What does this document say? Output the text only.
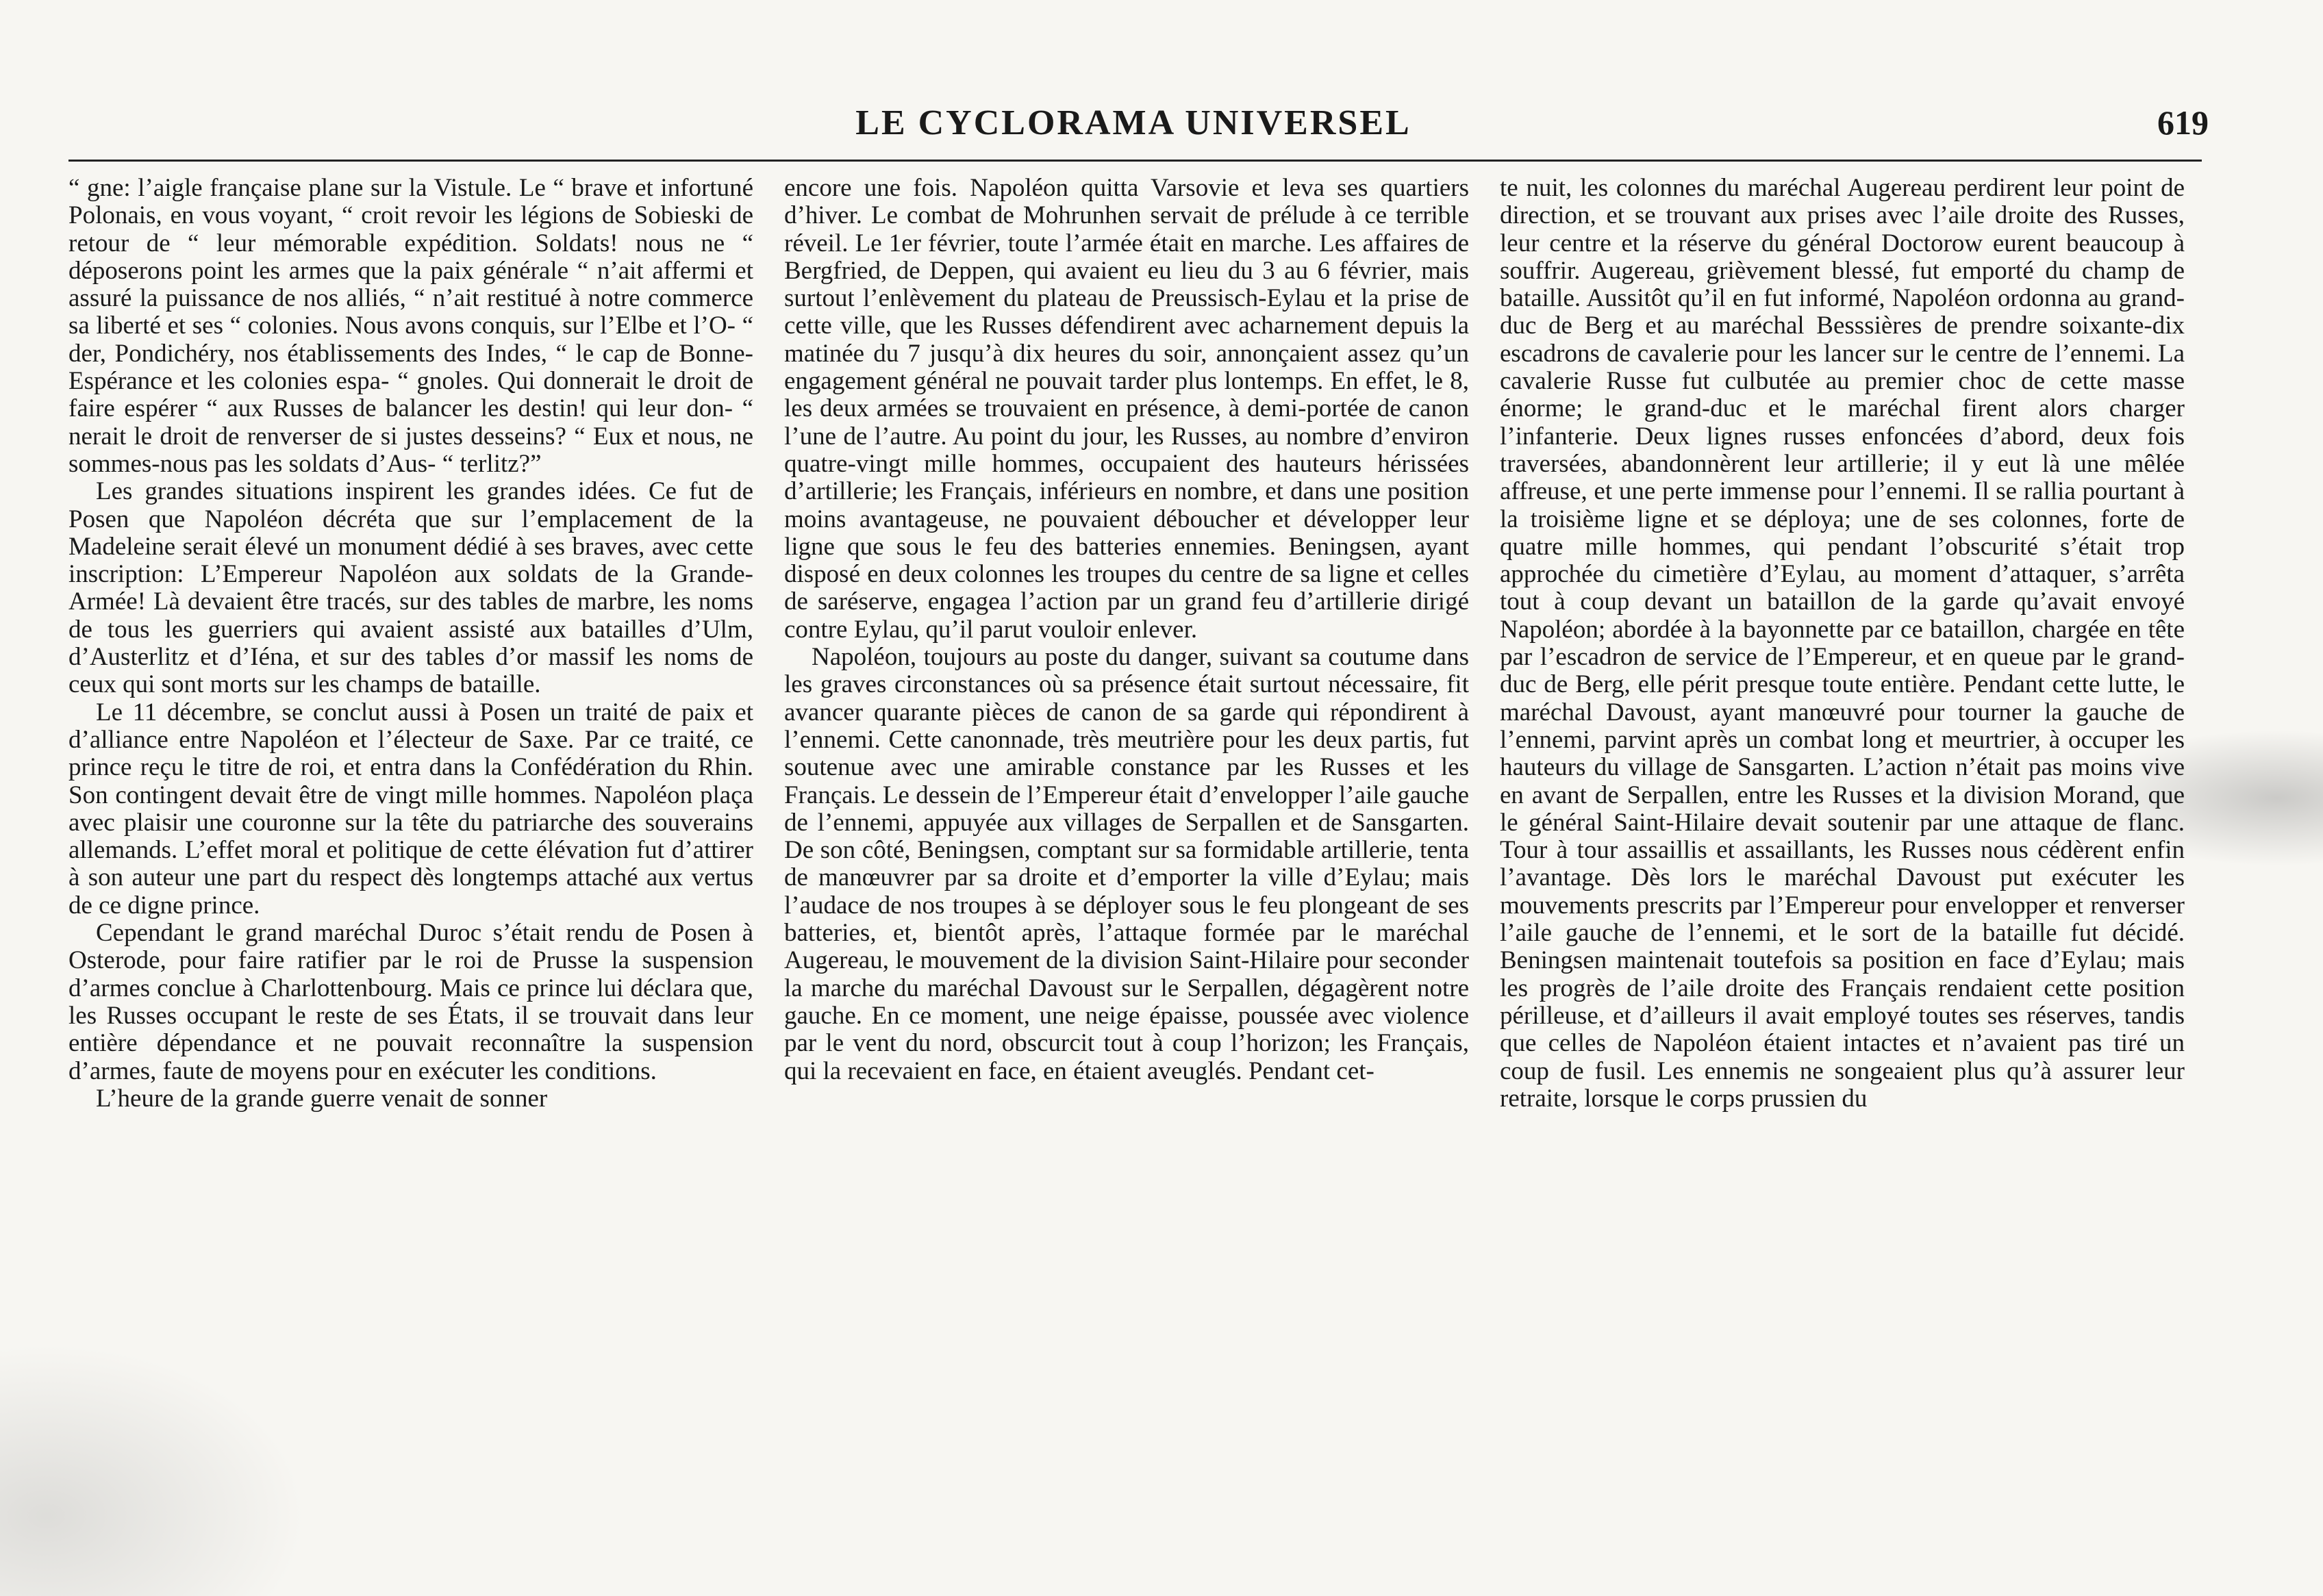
LE CYCLORAMA UNIVERSEL	619

“ gne: l’aigle française plane sur la Vistule. Le “ brave et infortuné Polonais, en vous voyant, “ croit revoir les légions de Sobieski de retour de “ leur mémorable expédition. Soldats! nous ne “ déposerons point les armes que la paix générale “ n’ait affermi et assuré la puissance de nos alliés, “ n’ait restitué à notre commerce sa liberté et ses “ colonies. Nous avons conquis, sur l’Elbe et l’O- “ der, Pondichéry, nos établissements des Indes, “ le cap de Bonne-Espérance et les colonies espa- “ gnoles. Qui donnerait le droit de faire espérer “ aux Russes de balancer les destin! qui leur don- “ nerait le droit de renverser de si justes desseins? “ Eux et nous, ne sommes-nous pas les soldats d’Aus- “ terlitz?”

Les grandes situations inspirent les grandes idées. Ce fut de Posen que Napoléon décréta que sur l’emplacement de la Madeleine serait élevé un monument dédié à ses braves, avec cette inscription: L’Empereur Napoléon aux soldats de la Grande-Armée! Là devaient être tracés, sur des tables de marbre, les noms de tous les guerriers qui avaient assisté aux batailles d’Ulm, d’Austerlitz et d’Iéna, et sur des tables d’or massif les noms de ceux qui sont morts sur les champs de bataille.

Le 11 décembre, se conclut aussi à Posen un traité de paix et d’alliance entre Napoléon et l’électeur de Saxe. Par ce traité, ce prince reçu le titre de roi, et entra dans la Confédération du Rhin. Son contingent devait être de vingt mille hommes. Napoléon plaça avec plaisir une couronne sur la tête du patriarche des souverains allemands. L’effet moral et politique de cette élévation fut d’attirer à son auteur une part du respect dès longtemps attaché aux vertus de ce digne prince.

Cependant le grand maréchal Duroc s’était rendu de Posen à Osterode, pour faire ratifier par le roi de Prusse la suspension d’armes conclue à Charlottenbourg. Mais ce prince lui déclara que, les Russes occupant le reste de ses États, il se trouvait dans leur entière dépendance et ne pouvait reconnaître la suspension d’armes, faute de moyens pour en exécuter les conditions.

L’heure de la grande guerre venait de sonner

encore une fois. Napoléon quitta Varsovie et leva ses quartiers d’hiver. Le combat de Mohrunhen servait de prélude à ce terrible réveil. Le 1er février, toute l’armée était en marche. Les affaires de Bergfried, de Deppen, qui avaient eu lieu du 3 au 6 février, mais surtout l’enlèvement du plateau de Preussisch-Eylau et la prise de cette ville, que les Russes défendirent avec acharnement depuis la matinée du 7 jusqu’à dix heures du soir, annonçaient assez qu’un engagement général ne pouvait tarder plus lontemps. En effet, le 8, les deux armées se trouvaient en présence, à demi-portée de canon l’une de l’autre. Au point du jour, les Russes, au nombre d’environ quatre-vingt mille hommes, occupaient des hauteurs hérissées d’artillerie; les Français, inférieurs en nombre, et dans une position moins avantageuse, ne pouvaient déboucher et développer leur ligne que sous le feu des batteries ennemies. Beningsen, ayant disposé en deux colonnes les troupes du centre de sa ligne et celles de saréserve, engagea l’action par un grand feu d’artillerie dirigé contre Eylau, qu’il parut vouloir enlever.

Napoléon, toujours au poste du danger, suivant sa coutume dans les graves circonstances où sa présence était surtout nécessaire, fit avancer quarante pièces de canon de sa garde qui répondirent à l’ennemi. Cette canonnade, très meutrière pour les deux partis, fut soutenue avec une amirable constance par les Russes et les Français. Le dessein de l’Empereur était d’envelopper l’aile gauche de l’ennemi, appuyée aux villages de Serpallen et de Sansgarten. De son côté, Beningsen, comptant sur sa formidable artillerie, tenta de manœuvrer par sa droite et d’emporter la ville d’Eylau; mais l’audace de nos troupes à se déployer sous le feu plongeant de ses batteries, et, bientôt après, l’attaque formée par le maréchal Augereau, le mouvement de la division Saint-Hilaire pour seconder la marche du maréchal Davoust sur le Serpallen, dégagèrent notre gauche. En ce moment, une neige épaisse, poussée avec violence par le vent du nord, obscurcit tout à coup l’horizon; les Français, qui la recevaient en face, en étaient aveuglés. Pendant cet-

te nuit, les colonnes du maréchal Augereau perdirent leur point de direction, et se trouvant aux prises avec l’aile droite des Russes, leur centre et la réserve du général Doctorow eurent beaucoup à souffrir. Augereau, grièvement blessé, fut emporté du champ de bataille. Aussitôt qu’il en fut informé, Napoléon ordonna au grand-duc de Berg et au maréchal Besssières de prendre soixante-dix escadrons de cavalerie pour les lancer sur le centre de l’ennemi. La cavalerie Russe fut culbutée au premier choc de cette masse énorme; le grand-duc et le maréchal firent alors charger l’infanterie. Deux lignes russes enfoncées d’abord, deux fois traversées, abandonnèrent leur artillerie; il y eut là une mêlée affreuse, et une perte immense pour l’ennemi. Il se rallia pourtant à la troisième ligne et se déploya; une de ses colonnes, forte de quatre mille hommes, qui pendant l’obscurité s’était trop approchée du cimetière d’Eylau, au moment d’attaquer, s’arrêta tout à coup devant un bataillon de la garde qu’avait envoyé Napoléon; abordée à la bayonnette par ce bataillon, chargée en tête par l’escadron de service de l’Empereur, et en queue par le grand-duc de Berg, elle périt presque toute entière. Pendant cette lutte, le maréchal Davoust, ayant manœuvré pour tourner la gauche de l’ennemi, parvint après un combat long et meurtrier, à occuper les hauteurs du village de Sansgarten. L’action n’était pas moins vive en avant de Serpallen, entre les Russes et la division Morand, que le général Saint-Hilaire devait soutenir par une attaque de flanc. Tour à tour assaillis et assaillants, les Russes nous cédèrent enfin l’avantage. Dès lors le maréchal Davoust put exécuter les mouvements prescrits par l’Empereur pour envelopper et renverser l’aile gauche de l’ennemi, et le sort de la bataille fut décidé. Beningsen maintenait toutefois sa position en face d’Eylau; mais les progrès de l’aile droite des Français rendaient cette position périlleuse, et d’ailleurs il avait employé toutes ses réserves, tandis que celles de Napoléon étaient intactes et n’avaient pas tiré un coup de fusil. Les ennemis ne songeaient plus qu’à assurer leur retraite, lorsque le corps prussien du
